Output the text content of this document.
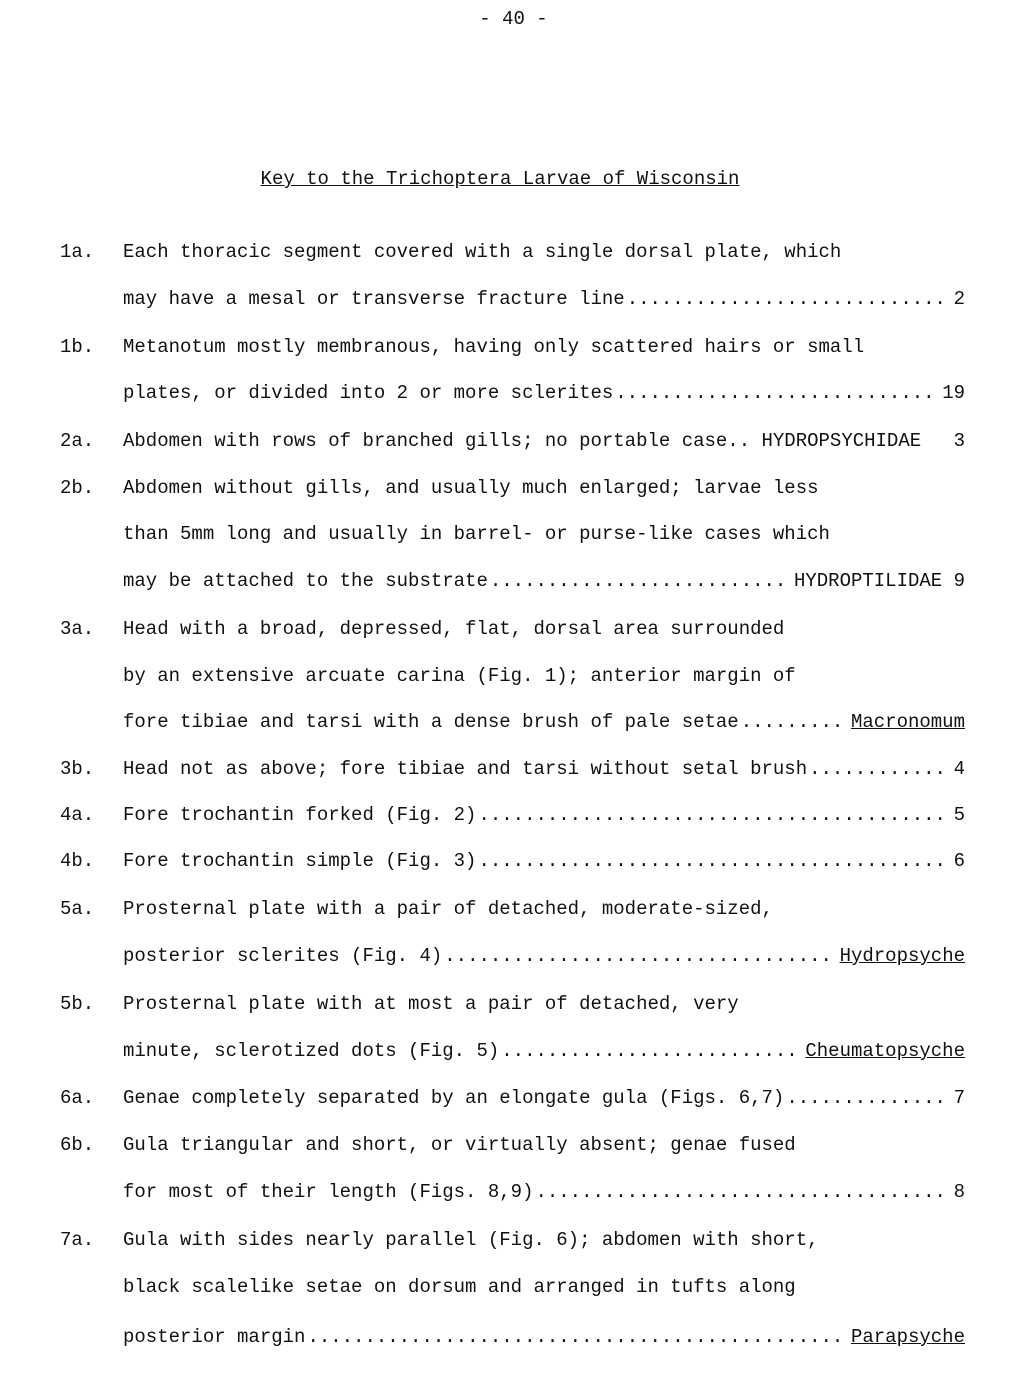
- 40 -
Key to the Trichoptera Larvae of Wisconsin
1a. Each thoracic segment covered with a single dorsal plate, which
may have a mesal or transverse fracture line .....	2
1b. Metanotum mostly membranous, having only scattered hairs or small
plates, or divided into 2 or more sclerites .....	19
2a. Abdomen with rows of branched gills; no portable case.. HYDROPSYCHIDAE 3
2b. Abdomen without gills, and usually much enlarged; larvae less
than 5mm long and usually in barrel- or purse-like cases which
may be attached to the substrate .....	HYDROPTILIDAE 9
3a. Head with a broad, depressed, flat, dorsal area surrounded
by an extensive arcuate carina (Fig. 1); anterior margin of
fore tibiae and tarsi with a dense brush of pale setae .....	Macronomum
3b. Head not as above; fore tibiae and tarsi without setal brush .....	4
4a. Fore trochantin forked (Fig. 2) .....	5
4b. Fore trochantin simple (Fig. 3) .....	6
5a. Prosternal plate with a pair of detached, moderate-sized,
posterior sclerites (Fig. 4) .....	Hydropsyche
5b. Prosternal plate with at most a pair of detached, very
minute, sclerotized dots (Fig. 5) .....	Cheumatopsyche
6a. Genae completely separated by an elongate gula (Figs. 6,7) .....	7
6b. Gula triangular and short, or virtually absent; genae fused
for most of their length (Figs. 8,9) .....	8
7a. Gula with sides nearly parallel (Fig. 6); abdomen with short,
black scalelike setae on dorsum and arranged in tufts along
posterior margin .....	Parapsyche
